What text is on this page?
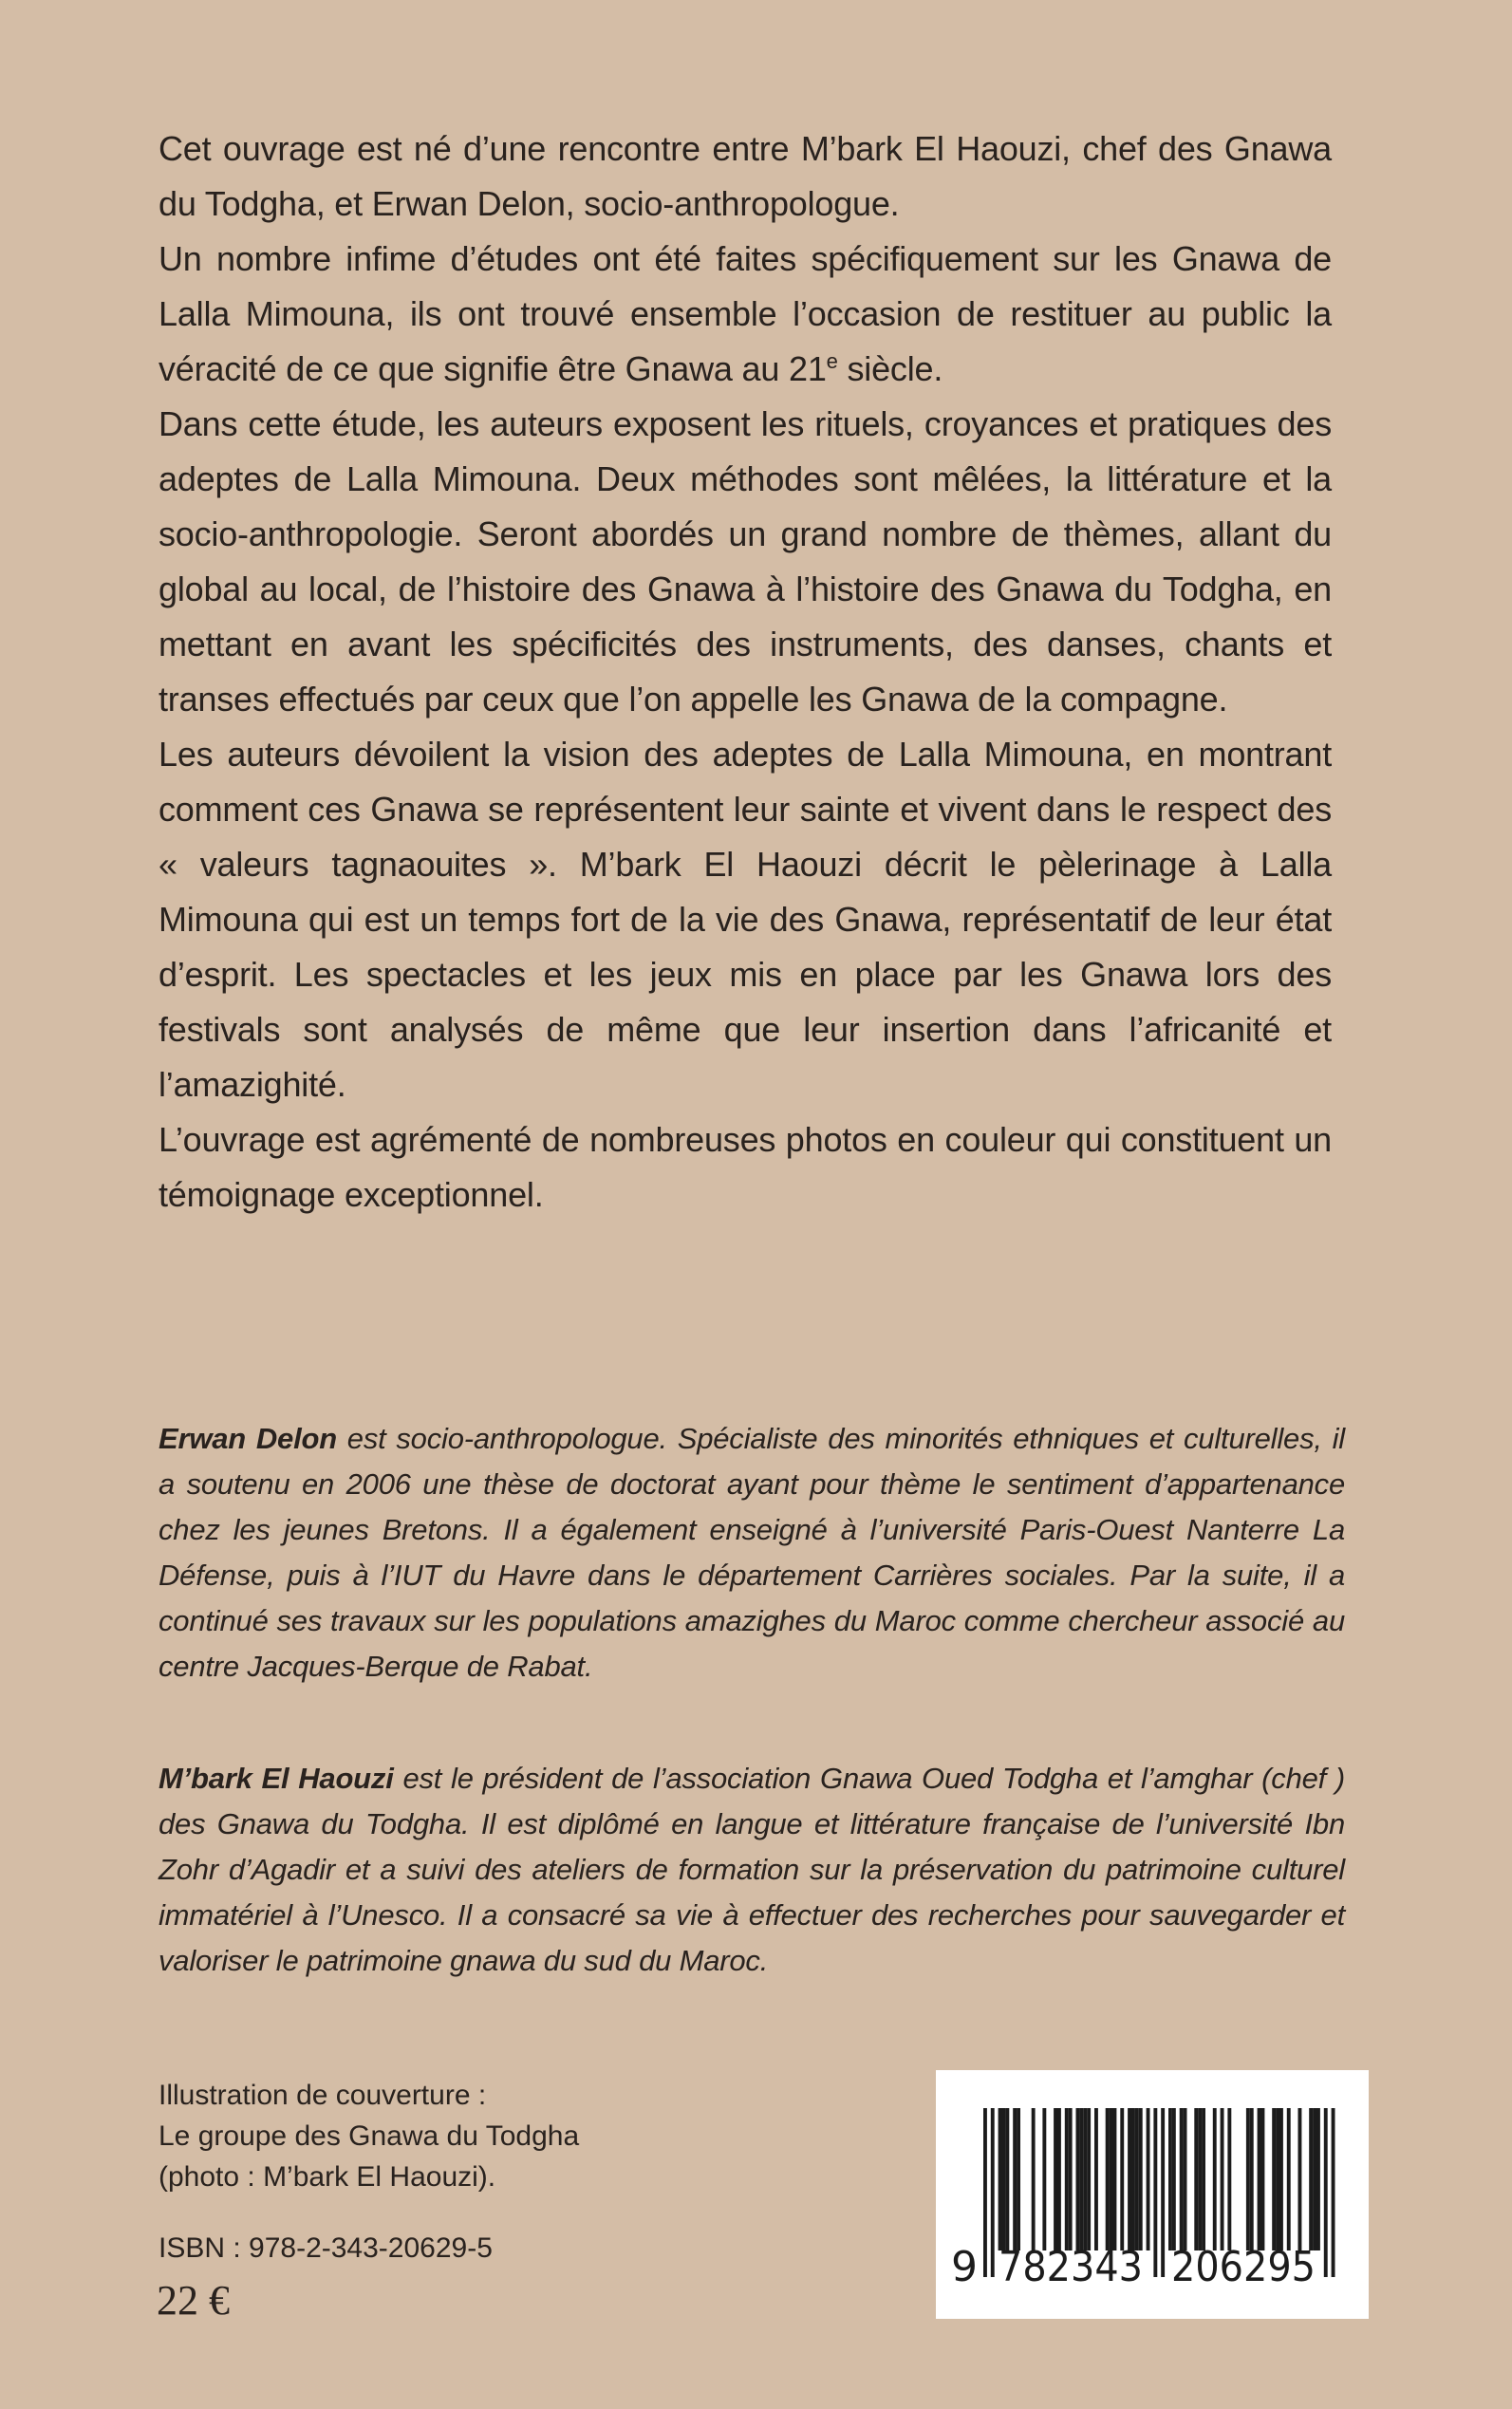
Cet ouvrage est né d’une rencontre entre M’bark El Haouzi, chef des Gnawa du Todgha, et Erwan Delon, socio-anthropologue.

Un nombre infime d’études ont été faites spécifiquement sur les Gnawa de Lalla Mimouna, ils ont trouvé ensemble l’occasion de restituer au public la véracité de ce que signifie être Gnawa au 21e siècle.

Dans cette étude, les auteurs exposent les rituels, croyances et pratiques des adeptes de Lalla Mimouna. Deux méthodes sont mêlées, la littérature et la socio-anthropologie. Seront abordés un grand nombre de thèmes, allant du global au local, de l’histoire des Gnawa à l’histoire des Gnawa du Todgha, en mettant en avant les spécificités des instruments, des danses, chants et transes effectués par ceux que l’on appelle les Gnawa de la compagne.

Les auteurs dévoilent la vision des adeptes de Lalla Mimouna, en montrant comment ces Gnawa se représentent leur sainte et vivent dans le respect des « valeurs tagnaouites ». M’bark El Haouzi décrit le pèlerinage à Lalla Mimouna qui est un temps fort de la vie des Gnawa, représentatif de leur état d’esprit. Les spectacles et les jeux mis en place par les Gnawa lors des festivals sont analysés de même que leur insertion dans l’africanité et l’amazighité.

L’ouvrage est agrémenté de nombreuses photos en couleur qui constituent un témoignage exceptionnel.

Erwan Delon est socio-anthropologue. Spécialiste des minorités ethniques et culturelles, il a soutenu en 2006 une thèse de doctorat ayant pour thème le sentiment d’appartenance chez les jeunes Bretons. Il a également enseigné à l’université Paris-Ouest Nanterre La Défense, puis à l’IUT du Havre dans le département Carrières sociales. Par la suite, il a continué ses travaux sur les populations amazighes du Maroc comme chercheur associé au centre Jacques-Berque de Rabat.

M’bark El Haouzi est le président de l’association Gnawa Oued Todgha et l’amghar (chef ) des Gnawa du Todgha. Il est diplômé en langue et littérature française de l’université Ibn Zohr d’Agadir et a suivi des ateliers de formation sur la préservation du patrimoine culturel immatériel à l’Unesco. Il a consacré sa vie à effectuer des recherches pour sauvegarder et valoriser le patrimoine gnawa du sud du Maroc.

Illustration de couverture :
Le groupe des Gnawa du Todgha
(photo : M’bark El Haouzi).
ISBN : 978-2-343-20629-5
22 €
9 782343 206295
